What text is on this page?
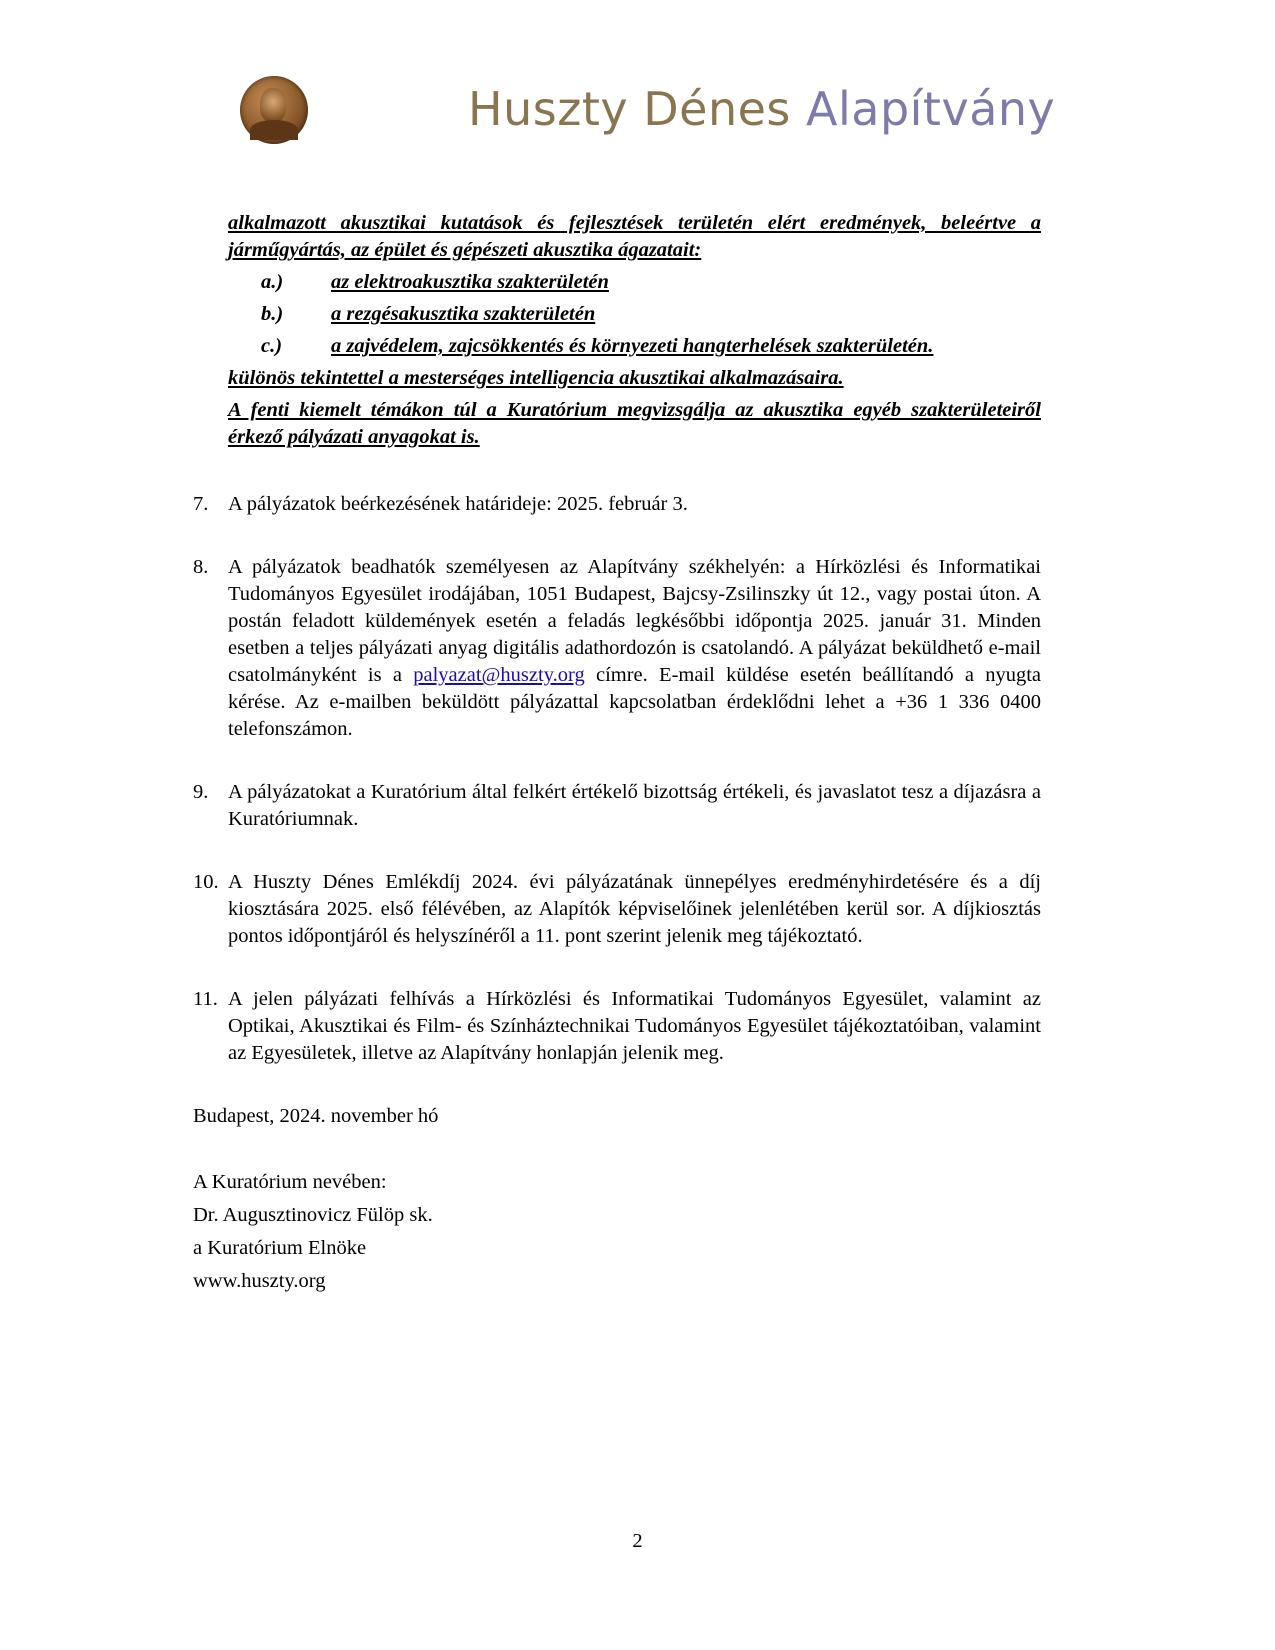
Huszty Dénes Alapítvány

alkalmazott akusztikai kutatások és fejlesztések területén elért eredmények, beleértve a járműgyártás, az épület és gépészeti akusztika ágazatait:

a.) az elektroakusztika szakterületén

b.) a rezgésakusztika szakterületén

c.) a zajvédelem, zajcsökkentés és környezeti hangterhelések szakterületén.

különös tekintettel a mesterséges intelligencia akusztikai alkalmazásaira.

A fenti kiemelt témákon túl a Kuratórium megvizsgálja az akusztika egyéb szakterületeiről érkező pályázati anyagokat is.

7. A pályázatok beérkezésének határideje: 2025. február 3.
8. A pályázatok beadhatók személyesen az Alapítvány székhelyén: a Hírközlési és Informatikai Tudományos Egyesület irodájában, 1051 Budapest, Bajcsy-Zsilinszky út 12., vagy postai úton. A postán feladott küldemények esetén a feladás legkésőbbi időpontja 2025. január 31. Minden esetben a teljes pályázati anyag digitális adathordozón is csatolandó. A pályázat beküldhető e-mail csatolmányként is a palyazat@huszty.org címre. E-mail küldése esetén beállítandó a nyugta kérése. Az e-mailben beküldött pályázattal kapcsolatban érdeklődni lehet a +36 1 336 0400 telefonszámon.
9. A pályázatokat a Kuratórium által felkért értékelő bizottság értékeli, és javaslatot tesz a díjazásra a Kuratóriumnak.
10. A Huszty Dénes Emlékdíj 2024. évi pályázatának ünnepélyes eredményhirdetésére és a díj kiosztására 2025. első félévében, az Alapítók képviselőinek jelenlétében kerül sor. A díjkiosztás pontos időpontjáról és helyszínéről a 11. pont szerint jelenik meg tájékoztató.
11. A jelen pályázati felhívás a Hírközlési és Informatikai Tudományos Egyesület, valamint az Optikai, Akusztikai és Film- és Színháztechnikai Tudományos Egyesület tájékoztatóiban, valamint az Egyesületek, illetve az Alapítvány honlapján jelenik meg.
Budapest, 2024. november hó
A Kuratórium nevében:
Dr. Augusztinovicz Fülöp sk.
a Kuratórium Elnöke
www.huszty.org
2
